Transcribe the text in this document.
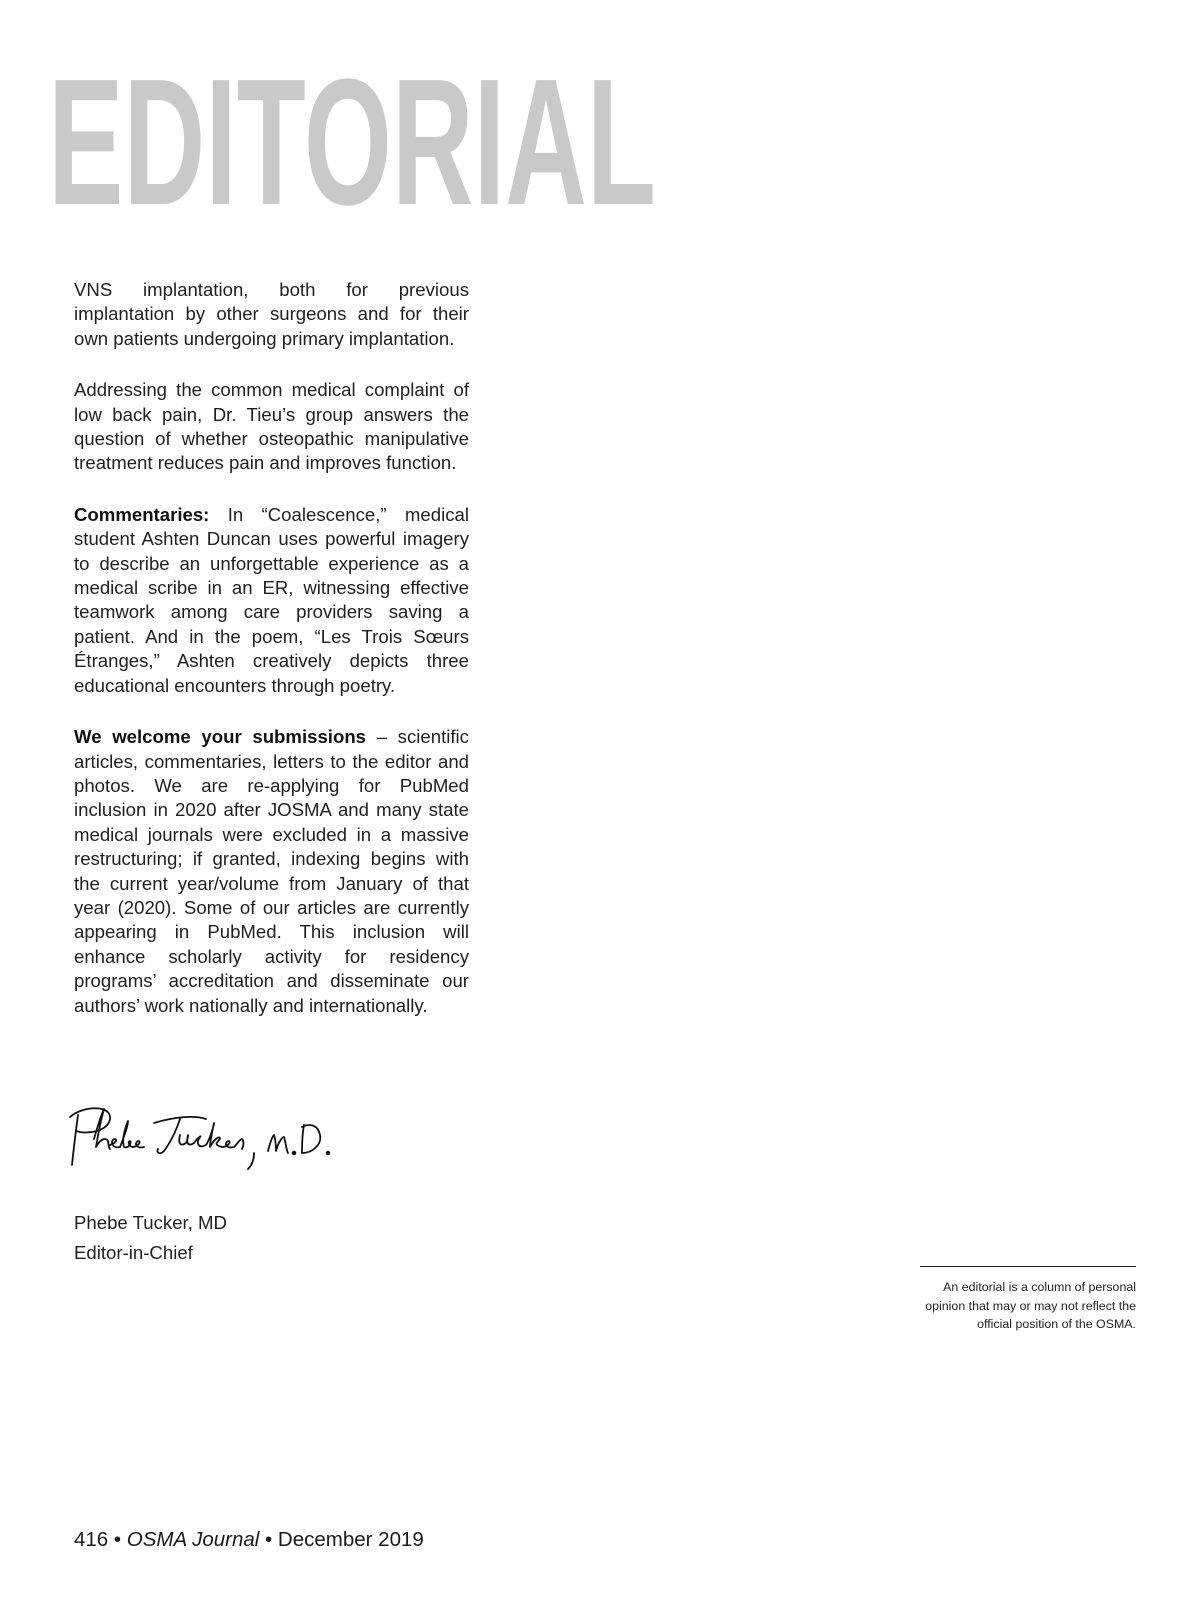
EDITORIAL

VNS implantation, both for previous implantation by other surgeons and for their own patients undergoing primary implantation.

Addressing the common medical complaint of low back pain, Dr. Tieu’s group answers the question of whether osteopathic manipulative treatment reduces pain and improves function.

Commentaries: In “Coalescence,” medical student Ashten Duncan uses powerful imagery to describe an unforgettable experience as a medical scribe in an ER, witnessing effective teamwork among care providers saving a patient. And in the poem, “Les Trois Sœurs Étranges,” Ashten creatively depicts three educational encounters through poetry.

We welcome your submissions – scientific articles, commentaries, letters to the editor and photos. We are re-applying for PubMed inclusion in 2020 after JOSMA and many state medical journals were excluded in a massive restructuring; if granted, indexing begins with the current year/volume from January of that year (2020). Some of our articles are currently appearing in PubMed. This inclusion will enhance scholarly activity for residency programs’ accreditation and disseminate our authors’ work nationally and internationally.

Phebe Tucker, MD
Editor-in-Chief
An editorial is a column of personal opinion that may or may not reflect the official position of the OSMA.
416 • OSMA Journal • December 2019
